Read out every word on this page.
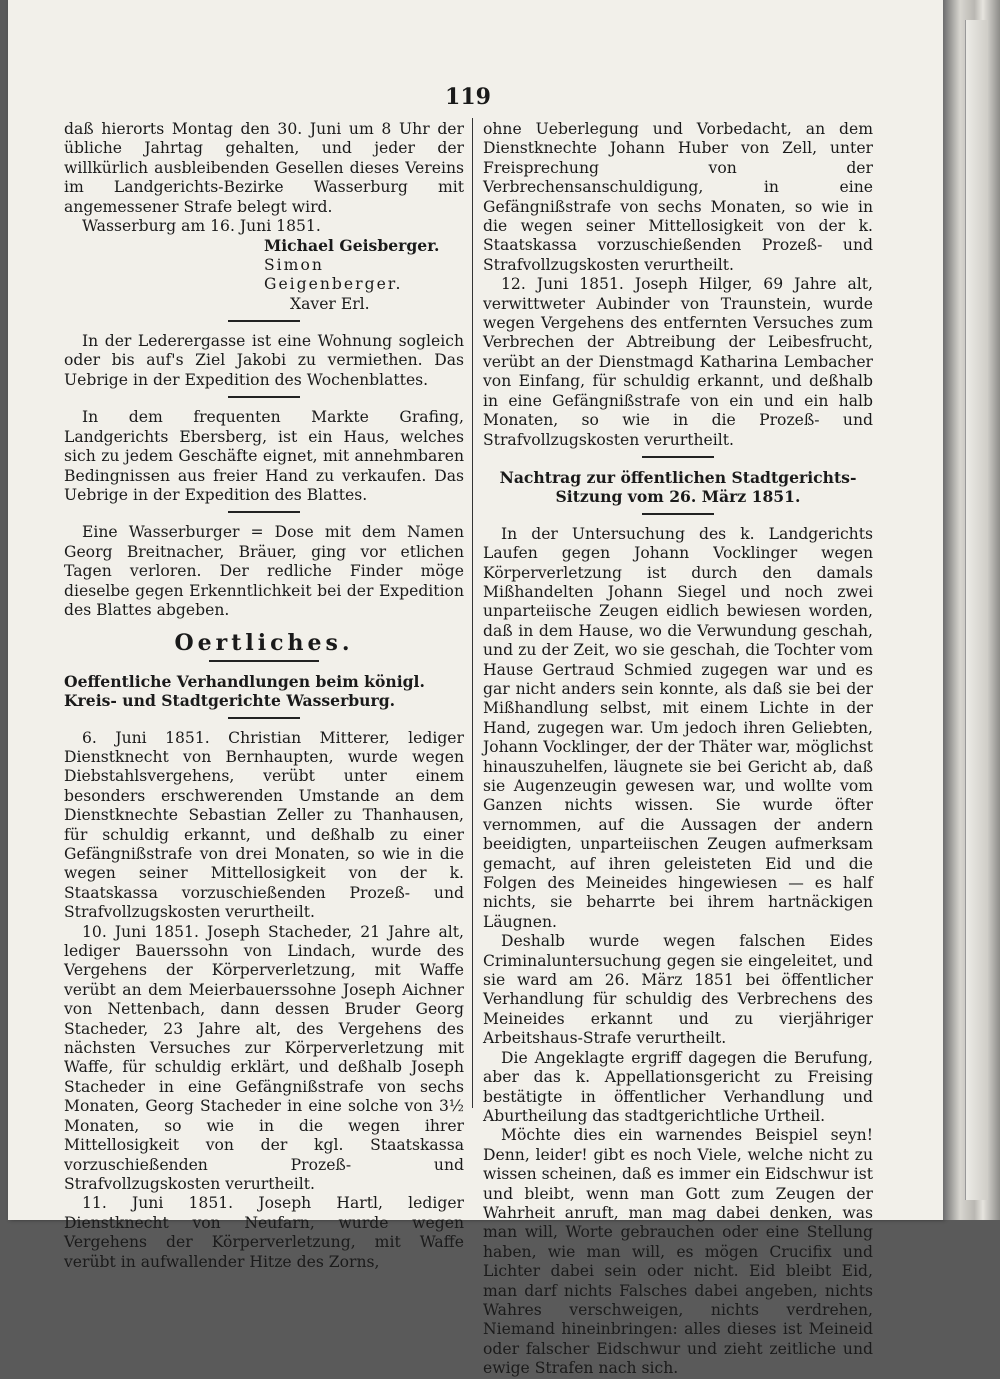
119

daß hierorts Montag den 30. Juni um 8 Uhr der übliche Jahrtag gehalten, und jeder der willkürlich ausbleibenden Gesellen dieses Vereins im Landgerichts-Bezirke Wasserburg mit angemessener Strafe belegt wird.

Wasserburg am 16. Juni 1851.

Michael Geisberger.

Simon Geigenberger.

Xaver Erl.

In der Lederergasse ist eine Wohnung sogleich oder bis auf's Ziel Jakobi zu vermiethen. Das Uebrige in der Expedition des Wochenblattes.

In dem frequenten Markte Grafing, Landgerichts Ebersberg, ist ein Haus, welches sich zu jedem Geschäfte eignet, mit annehmbaren Bedingnissen aus freier Hand zu verkaufen. Das Uebrige in der Expedition des Blattes.

Eine Wasserburger = Dose mit dem Namen Georg Breitnacher, Bräuer, ging vor etlichen Tagen verloren. Der redliche Finder möge dieselbe gegen Erkenntlichkeit bei der Expedition des Blattes abgeben.

Oertliches.

Oeffentliche Verhandlungen beim königl. Kreis- und Stadtgerichte Wasserburg.

6. Juni 1851. Christian Mitterer, lediger Dienstknecht von Bernhaupten, wurde wegen Diebstahlsvergehens, verübt unter einem besonders erschwerenden Umstande an dem Dienstknechte Sebastian Zeller zu Thanhausen, für schuldig erkannt, und deßhalb zu einer Gefängnißstrafe von drei Monaten, so wie in die wegen seiner Mittellosigkeit von der k. Staatskassa vorzuschießenden Prozeß- und Strafvollzugskosten verurtheilt.

10. Juni 1851. Joseph Stacheder, 21 Jahre alt, lediger Bauerssohn von Lindach, wurde des Vergehens der Körperverletzung, mit Waffe verübt an dem Meierbauerssohne Joseph Aichner von Nettenbach, dann dessen Bruder Georg Stacheder, 23 Jahre alt, des Vergehens des nächsten Versuches zur Körperverletzung mit Waffe, für schuldig erklärt, und deßhalb Joseph Stacheder in eine Gefängnißstrafe von sechs Monaten, Georg Stacheder in eine solche von 3½ Monaten, so wie in die wegen ihrer Mittellosigkeit von der kgl. Staatskassa vorzuschießenden Prozeß- und Strafvollzugskosten verurtheilt.

11. Juni 1851. Joseph Hartl, lediger Dienstknecht von Neufarn, wurde wegen Vergehens der Körperverletzung, mit Waffe verübt in aufwallender Hitze des Zorns,

ohne Ueberlegung und Vorbedacht, an dem Dienstknechte Johann Huber von Zell, unter Freisprechung von der Verbrechensanschuldigung, in eine Gefängnißstrafe von sechs Monaten, so wie in die wegen seiner Mittellosigkeit von der k. Staatskassa vorzuschießenden Prozeß- und Strafvollzugskosten verurtheilt.

12. Juni 1851. Joseph Hilger, 69 Jahre alt, verwittweter Aubinder von Traunstein, wurde wegen Vergehens des entfernten Versuches zum Verbrechen der Abtreibung der Leibesfrucht, verübt an der Dienstmagd Katharina Lembacher von Einfang, für schuldig erkannt, und deßhalb in eine Gefängnißstrafe von ein und ein halb Monaten, so wie in die Prozeß- und Strafvollzugskosten verurtheilt.

Nachtrag zur öffentlichen Stadtgerichts-Sitzung vom 26. März 1851.

In der Untersuchung des k. Landgerichts Laufen gegen Johann Vocklinger wegen Körperverletzung ist durch den damals Mißhandelten Johann Siegel und noch zwei unparteiische Zeugen eidlich bewiesen worden, daß in dem Hause, wo die Verwundung geschah, und zu der Zeit, wo sie geschah, die Tochter vom Hause Gertraud Schmied zugegen war und es gar nicht anders sein konnte, als daß sie bei der Mißhandlung selbst, mit einem Lichte in der Hand, zugegen war. Um jedoch ihren Geliebten, Johann Vocklinger, der der Thäter war, möglichst hinauszuhelfen, läugnete sie bei Gericht ab, daß sie Augenzeugin gewesen war, und wollte vom Ganzen nichts wissen. Sie wurde öfter vernommen, auf die Aussagen der andern beeidigten, unparteiischen Zeugen aufmerksam gemacht, auf ihren geleisteten Eid und die Folgen des Meineides hingewiesen — es half nichts, sie beharrte bei ihrem hartnäckigen Läugnen.

Deshalb wurde wegen falschen Eides Criminaluntersuchung gegen sie eingeleitet, und sie ward am 26. März 1851 bei öffentlicher Verhandlung für schuldig des Verbrechens des Meineides erkannt und zu vierjähriger Arbeitshaus-Strafe verurtheilt.

Die Angeklagte ergriff dagegen die Berufung, aber das k. Appellationsgericht zu Freising bestätigte in öffentlicher Verhandlung und Aburtheilung das stadtgerichtliche Urtheil.

Möchte dies ein warnendes Beispiel seyn! Denn, leider! gibt es noch Viele, welche nicht zu wissen scheinen, daß es immer ein Eidschwur ist und bleibt, wenn man Gott zum Zeugen der Wahrheit anruft, man mag dabei denken, was man will, Worte gebrauchen oder eine Stellung haben, wie man will, es mögen Crucifix und Lichter dabei sein oder nicht. Eid bleibt Eid, man darf nichts Falsches dabei angeben, nichts Wahres verschweigen, nichts verdrehen, Niemand hineinbringen: alles dieses ist Meineid oder falscher Eidschwur und zieht zeitliche und ewige Strafen nach sich.
